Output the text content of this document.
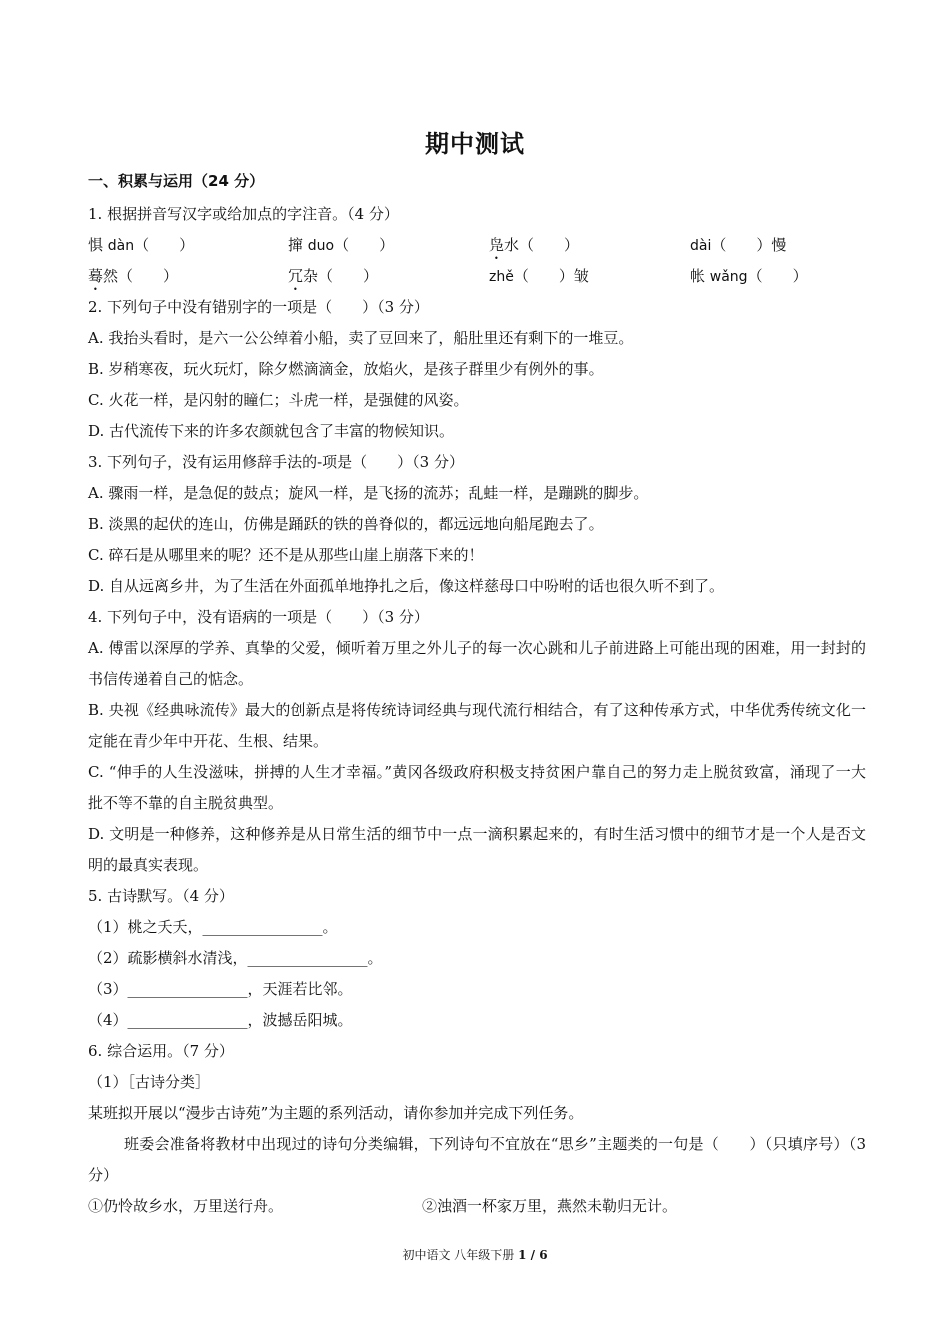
期中测试
一、积累与运用（24 分）
1. 根据拼音写汉字或给加点的字注音。（4 分）
惧 dàn（　　）	撺 duo（　　）	凫水（　　）	dài（　　）慢
蓦然（　　）	冗杂（　　）	zhě（　　）皱	帐 wǎng（　　）
2. 下列句子中没有错别字的一项是（　　）（3 分）
A. 我抬头看时，是六一公公绰着小船，卖了豆回来了，船肚里还有剩下的一堆豆。
B. 岁稍寒夜，玩火玩灯，除夕燃滴滴金，放焰火，是孩子群里少有例外的事。
C. 火花一样，是闪射的瞳仁；斗虎一样，是强健的风姿。
D. 古代流传下来的许多农颜就包含了丰富的物候知识。
3. 下列句子，没有运用修辞手法的-项是（　　）（3 分）
A. 骤雨一样，是急促的鼓点；旋风一样，是飞扬的流苏；乱蛙一样，是蹦跳的脚步。
B. 淡黑的起伏的连山，仿佛是踊跃的铁的兽脊似的，都远远地向船尾跑去了。
C. 碎石是从哪里来的呢？还不是从那些山崖上崩落下来的！
D. 自从远离乡井，为了生活在外面孤单地挣扎之后，像这样慈母口中吩咐的话也很久听不到了。
4. 下列句子中，没有语病的一项是（　　）（3 分）
A. 傅雷以深厚的学养、真挚的父爱，倾听着万里之外儿子的每一次心跳和儿子前进路上可能出现的困难，用一封封的书信传递着自己的惦念。
B. 央视《经典咏流传》最大的创新点是将传统诗词经典与现代流行相结合，有了这种传承方式，中华优秀传统文化一定能在青少年中开花、生根、结果。
C. “伸手的人生没滋味，拼搏的人生才幸福。”黄冈各级政府积极支持贫困户靠自己的努力走上脱贫致富，涌现了一大批不等不靠的自主脱贫典型。
D. 文明是一种修养，这种修养是从日常生活的细节中一点一滴积累起来的，有时生活习惯中的细节才是一个人是否文明的最真实表现。
5. 古诗默写。（4 分）
（1）桃之夭夭，________________。
（2）疏影横斜水清浅，________________。
（3）________________，天涯若比邻。
（4）________________，波撼岳阳城。
6. 综合运用。（7 分）
（1）［古诗分类］
某班拟开展以“漫步古诗苑”为主题的系列活动，请你参加并完成下列任务。
班委会准备将教材中出现过的诗句分类编辑，下列诗句不宜放在“思乡”主题类的一句是（　　）（只填序号）（3 分）
①仍怜故乡水，万里送行舟。	②浊酒一杯家万里，燕然未勒归无计。
初中语文 八年级下册 1 / 6
